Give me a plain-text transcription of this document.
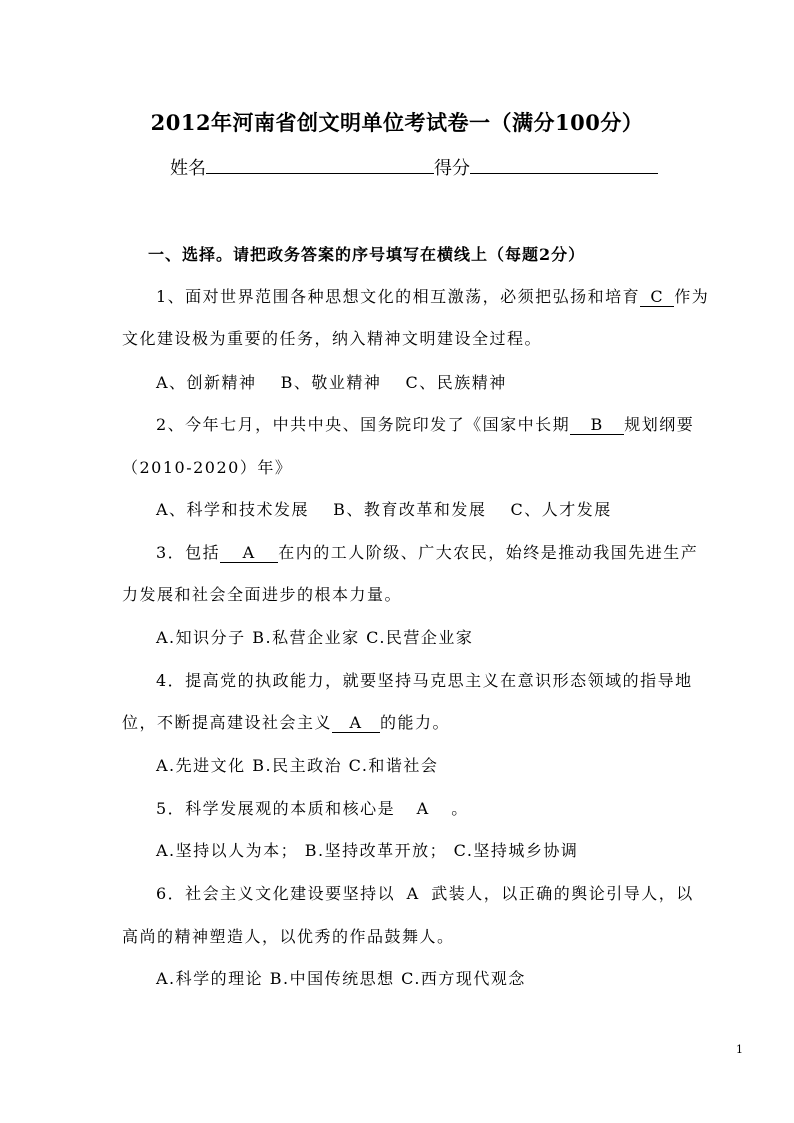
2012年河南省创文明单位考试卷一（满分100分）
姓名	得分
一、选择。请把政务答案的序号填写在横线上（每题2分）
1、面对世界范围各种思想文化的相互激荡，必须把弘扬和培育 C 作为
文化建设极为重要的任务，纳入精神文明建设全过程。
A、创新精神　 B、敬业精神　 C、民族精神
2、今年七月，中共中央、国务院印发了《国家中长期 B 规划纲要
（2010-2020）年》
A、科学和技术发展　 B、教育改革和发展　 C、人才发展
3．包括 A 在内的工人阶级、广大农民，始终是推动我国先进生产
力发展和社会全面进步的根本力量。
A.知识分子 B.私营企业家 C.民营企业家
4．提高党的执政能力，就要坚持马克思主义在意识形态领域的指导地
位，不断提高建设社会主义 A 的能力。
A.先进文化 B.民主政治 C.和谐社会
5．科学发展观的本质和核心是 A 。
A.坚持以人为本； B.坚持改革开放； C.坚持城乡协调
6．社会主义文化建设要坚持以 A 武装人，以正确的舆论引导人，以
高尚的精神塑造人，以优秀的作品鼓舞人。
A.科学的理论 B.中国传统思想 C.西方现代观念
1
